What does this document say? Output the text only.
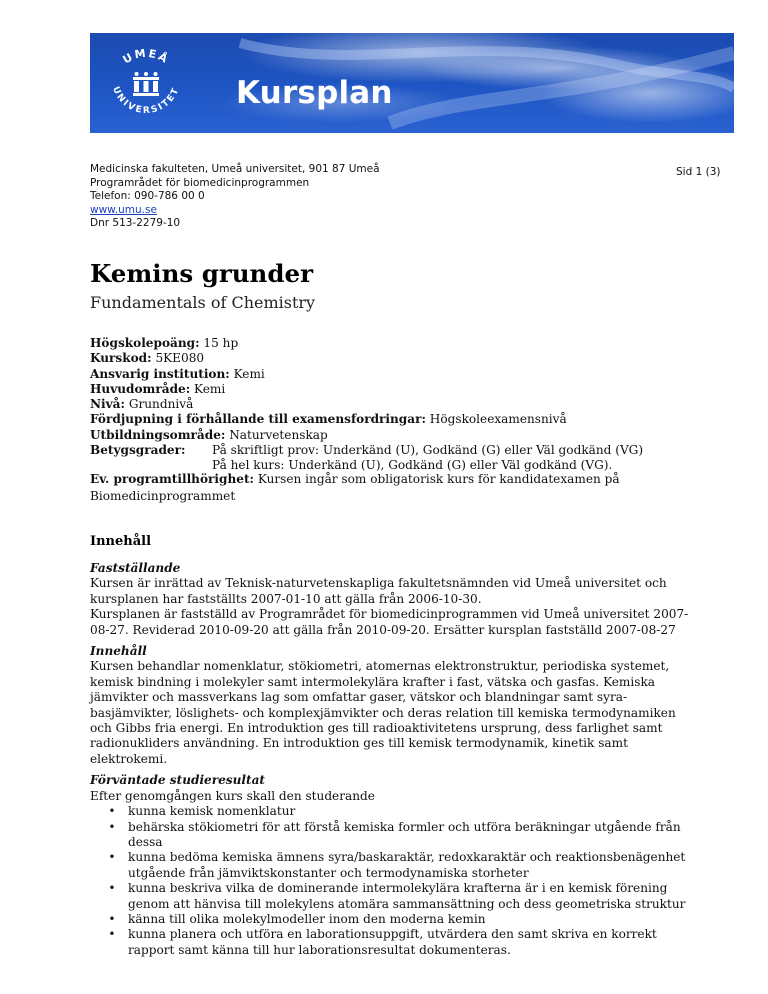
UMEÅ
UNIVERSITET Kursplan
Medicinska fakulteten, Umeå universitet, 901 87 Umeå
Programrådet för biomedicinprogrammen
Telefon: 090-786 00 0
www.umu.se
Dnr 513-2279-10
Sid 1 (3)
Kemins grunder
Fundamentals of Chemistry
Högskolepoäng: 15 hp
Kurskod: 5KE080
Ansvarig institution: Kemi
Huvudområde: Kemi
Nivå: Grundnivå
Fördjupning i förhållande till examensfordringar: Högskoleexamensnivå
Utbildningsområde: Naturvetenskap
Betygsgrader:	På skriftligt prov: Underkänd (U), Godkänd (G) eller Väl godkänd (VG)
På hel kurs: Underkänd (U), Godkänd (G) eller Väl godkänd (VG).
Ev. programtillhörighet: Kursen ingår som obligatorisk kurs för kandidatexamen på Biomedicinprogrammet
Innehåll

Fastställande

Kursen är inrättad av Teknisk-naturvetenskapliga fakultetsnämnden vid Umeå universitet och kursplanen har fastställts 2007-01-10 att gälla från 2006-10-30.

Kursplanen är fastställd av Programrådet för biomedicinprogrammen vid Umeå universitet 2007-08-27. Reviderad 2010-09-20 att gälla från 2010-09-20. Ersätter kursplan fastställd 2007-08-27

Innehåll

Kursen behandlar nomenklatur, stökiometri, atomernas elektronstruktur, periodiska systemet, kemisk bindning i molekyler samt intermolekylära krafter i fast, vätska och gasfas. Kemiska jämvikter och massverkans lag som omfattar gaser, vätskor och blandningar samt syra-basjämvikter, löslighets- och komplexjämvikter och deras relation till kemiska termodynamiken och Gibbs fria energi. En introduktion ges till radioaktivitetens ursprung, dess farlighet samt radionukliders användning. En introduktion ges till kemisk termodynamik, kinetik samt elektrokemi.

Förväntade studieresultat

Efter genomgången kurs skall den studerande

• kunna kemisk nomenklatur
• behärska stökiometri för att förstå kemiska formler och utföra beräkningar utgående från dessa
• kunna bedöma kemiska ämnens syra/baskaraktär, redoxkaraktär och reaktionsbenägenhet utgående från jämviktskonstanter och termodynamiska storheter
• kunna beskriva vilka de dominerande intermolekylära krafterna är i en kemisk förening genom att hänvisa till molekylens atomära sammansättning och dess geometriska struktur
• känna till olika molekylmodeller inom den moderna kemin
• kunna planera och utföra en laborationsuppgift, utvärdera den samt skriva en korrekt rapport samt känna till hur laborationsresultat dokumenteras.
